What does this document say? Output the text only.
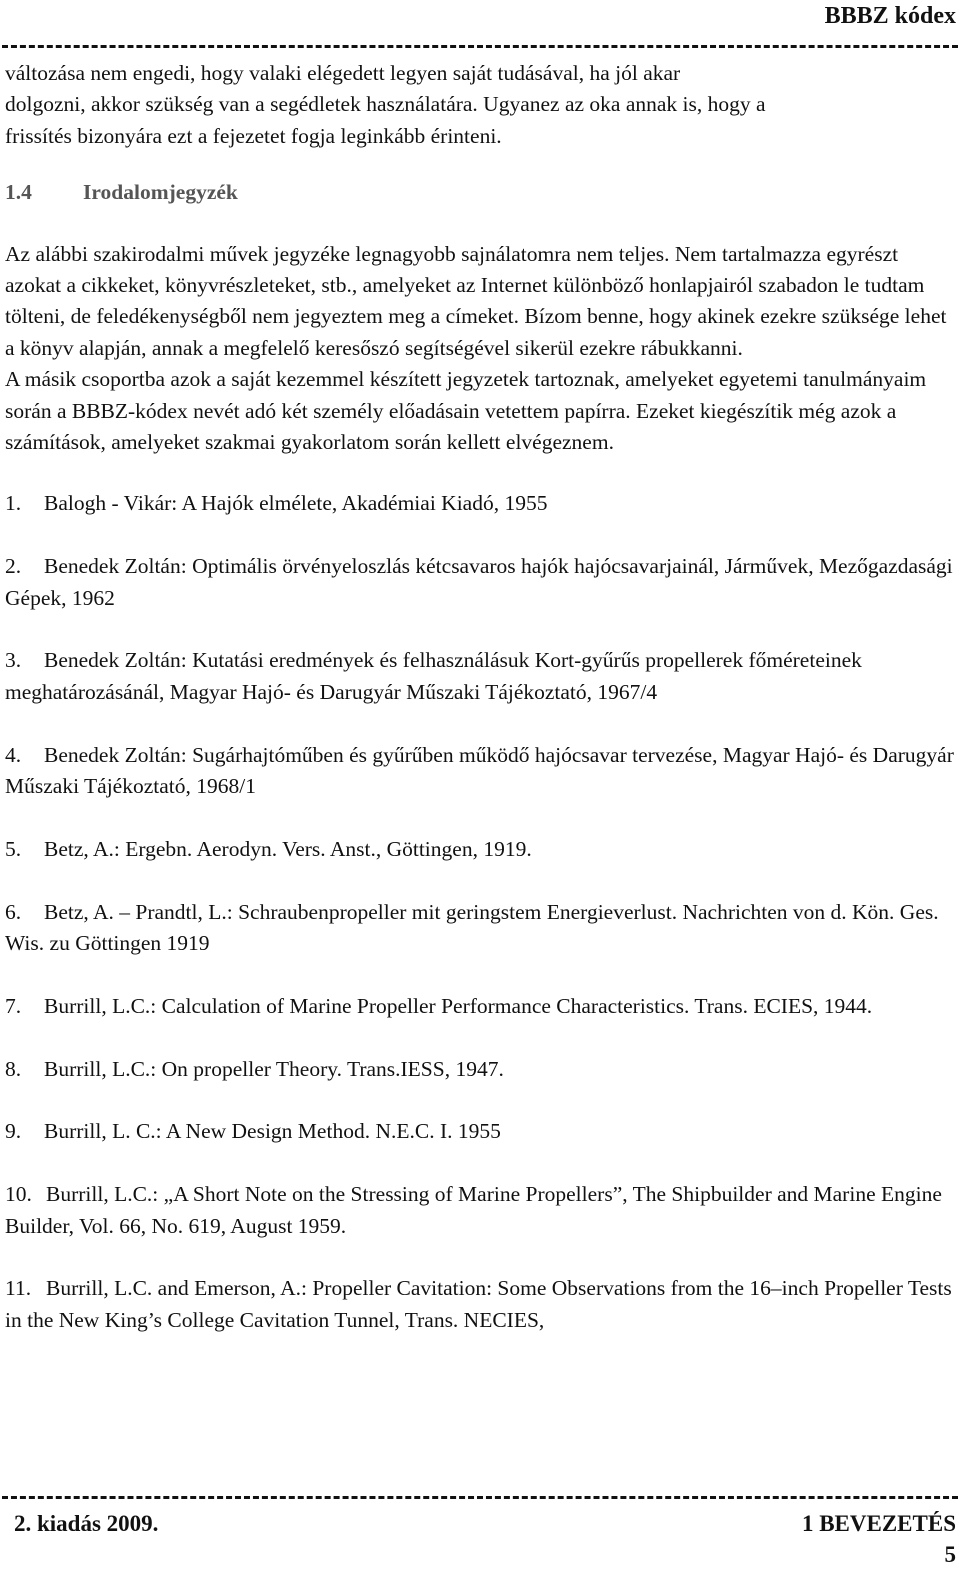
BBBZ kódex

változása nem engedi, hogy valaki elégedett legyen saját tudásával, ha jól akar
dolgozni, akkor szükség van a segédletek használatára. Ugyanez az oka annak is, hogy a
frissítés bizonyára ezt a fejezetet fogja leginkább érinteni.

1.4 Irodalomjegyzék

Az alábbi szakirodalmi művek jegyzéke legnagyobb sajnálatomra nem teljes. Nem tartalmazza egyrészt azokat a cikkeket, könyvrészleteket, stb., amelyeket az Internet különböző honlapjairól szabadon le tudtam tölteni, de feledékenységből nem jegyeztem meg a címeket. Bízom benne, hogy akinek ezekre szüksége lehet a könyv alapján, annak a megfelelő keresőszó segítségével sikerül ezekre rábukkanni.

A másik csoportba azok a saját kezemmel készített jegyzetek tartoznak, amelyeket egyetemi tanulmányaim során a BBBZ-kódex nevét adó két személy előadásain vetettem papírra. Ezeket kiegészítik még azok a számítások, amelyeket szakmai gyakorlatom során kellett elvégeznem.

1. Balogh - Vikár: A Hajók elmélete, Akadémiai Kiadó, 1955
2. Benedek Zoltán: Optimális örvényeloszlás kétcsavaros hajók hajócsavarjainál, Járművek, Mezőgazdasági Gépek, 1962
3. Benedek Zoltán: Kutatási eredmények és felhasználásuk Kort-gyűrűs propellerek főméreteinek meghatározásánál, Magyar Hajó- és Darugyár Műszaki Tájékoztató, 1967/4
4. Benedek Zoltán: Sugárhajtóműben és gyűrűben működő hajócsavar tervezése, Magyar Hajó- és Darugyár Műszaki Tájékoztató, 1968/1
5. Betz, A.: Ergebn. Aerodyn. Vers. Anst., Göttingen, 1919.
6. Betz, A. – Prandtl, L.: Schraubenpropeller mit geringstem Energieverlust. Nachrichten von d. Kön. Ges. Wis. zu Göttingen 1919
7. Burrill, L.C.: Calculation of Marine Propeller Performance Characteristics. Trans. ECIES, 1944.
8. Burrill, L.C.: On propeller Theory. Trans.IESS, 1947.
9. Burrill, L. C.: A New Design Method. N.E.C. I. 1955
10. Burrill, L.C.: „A Short Note on the Stressing of Marine Propellers”, The Shipbuilder and Marine Engine Builder, Vol. 66, No. 619, August 1959.
11. Burrill, L.C. and Emerson, A.: Propeller Cavitation: Some Observations from the 16–inch Propeller Tests in the New King’s College Cavitation Tunnel, Trans. NECIES,
2. kiadás 2009.	1 BEVEZETÉS
5
